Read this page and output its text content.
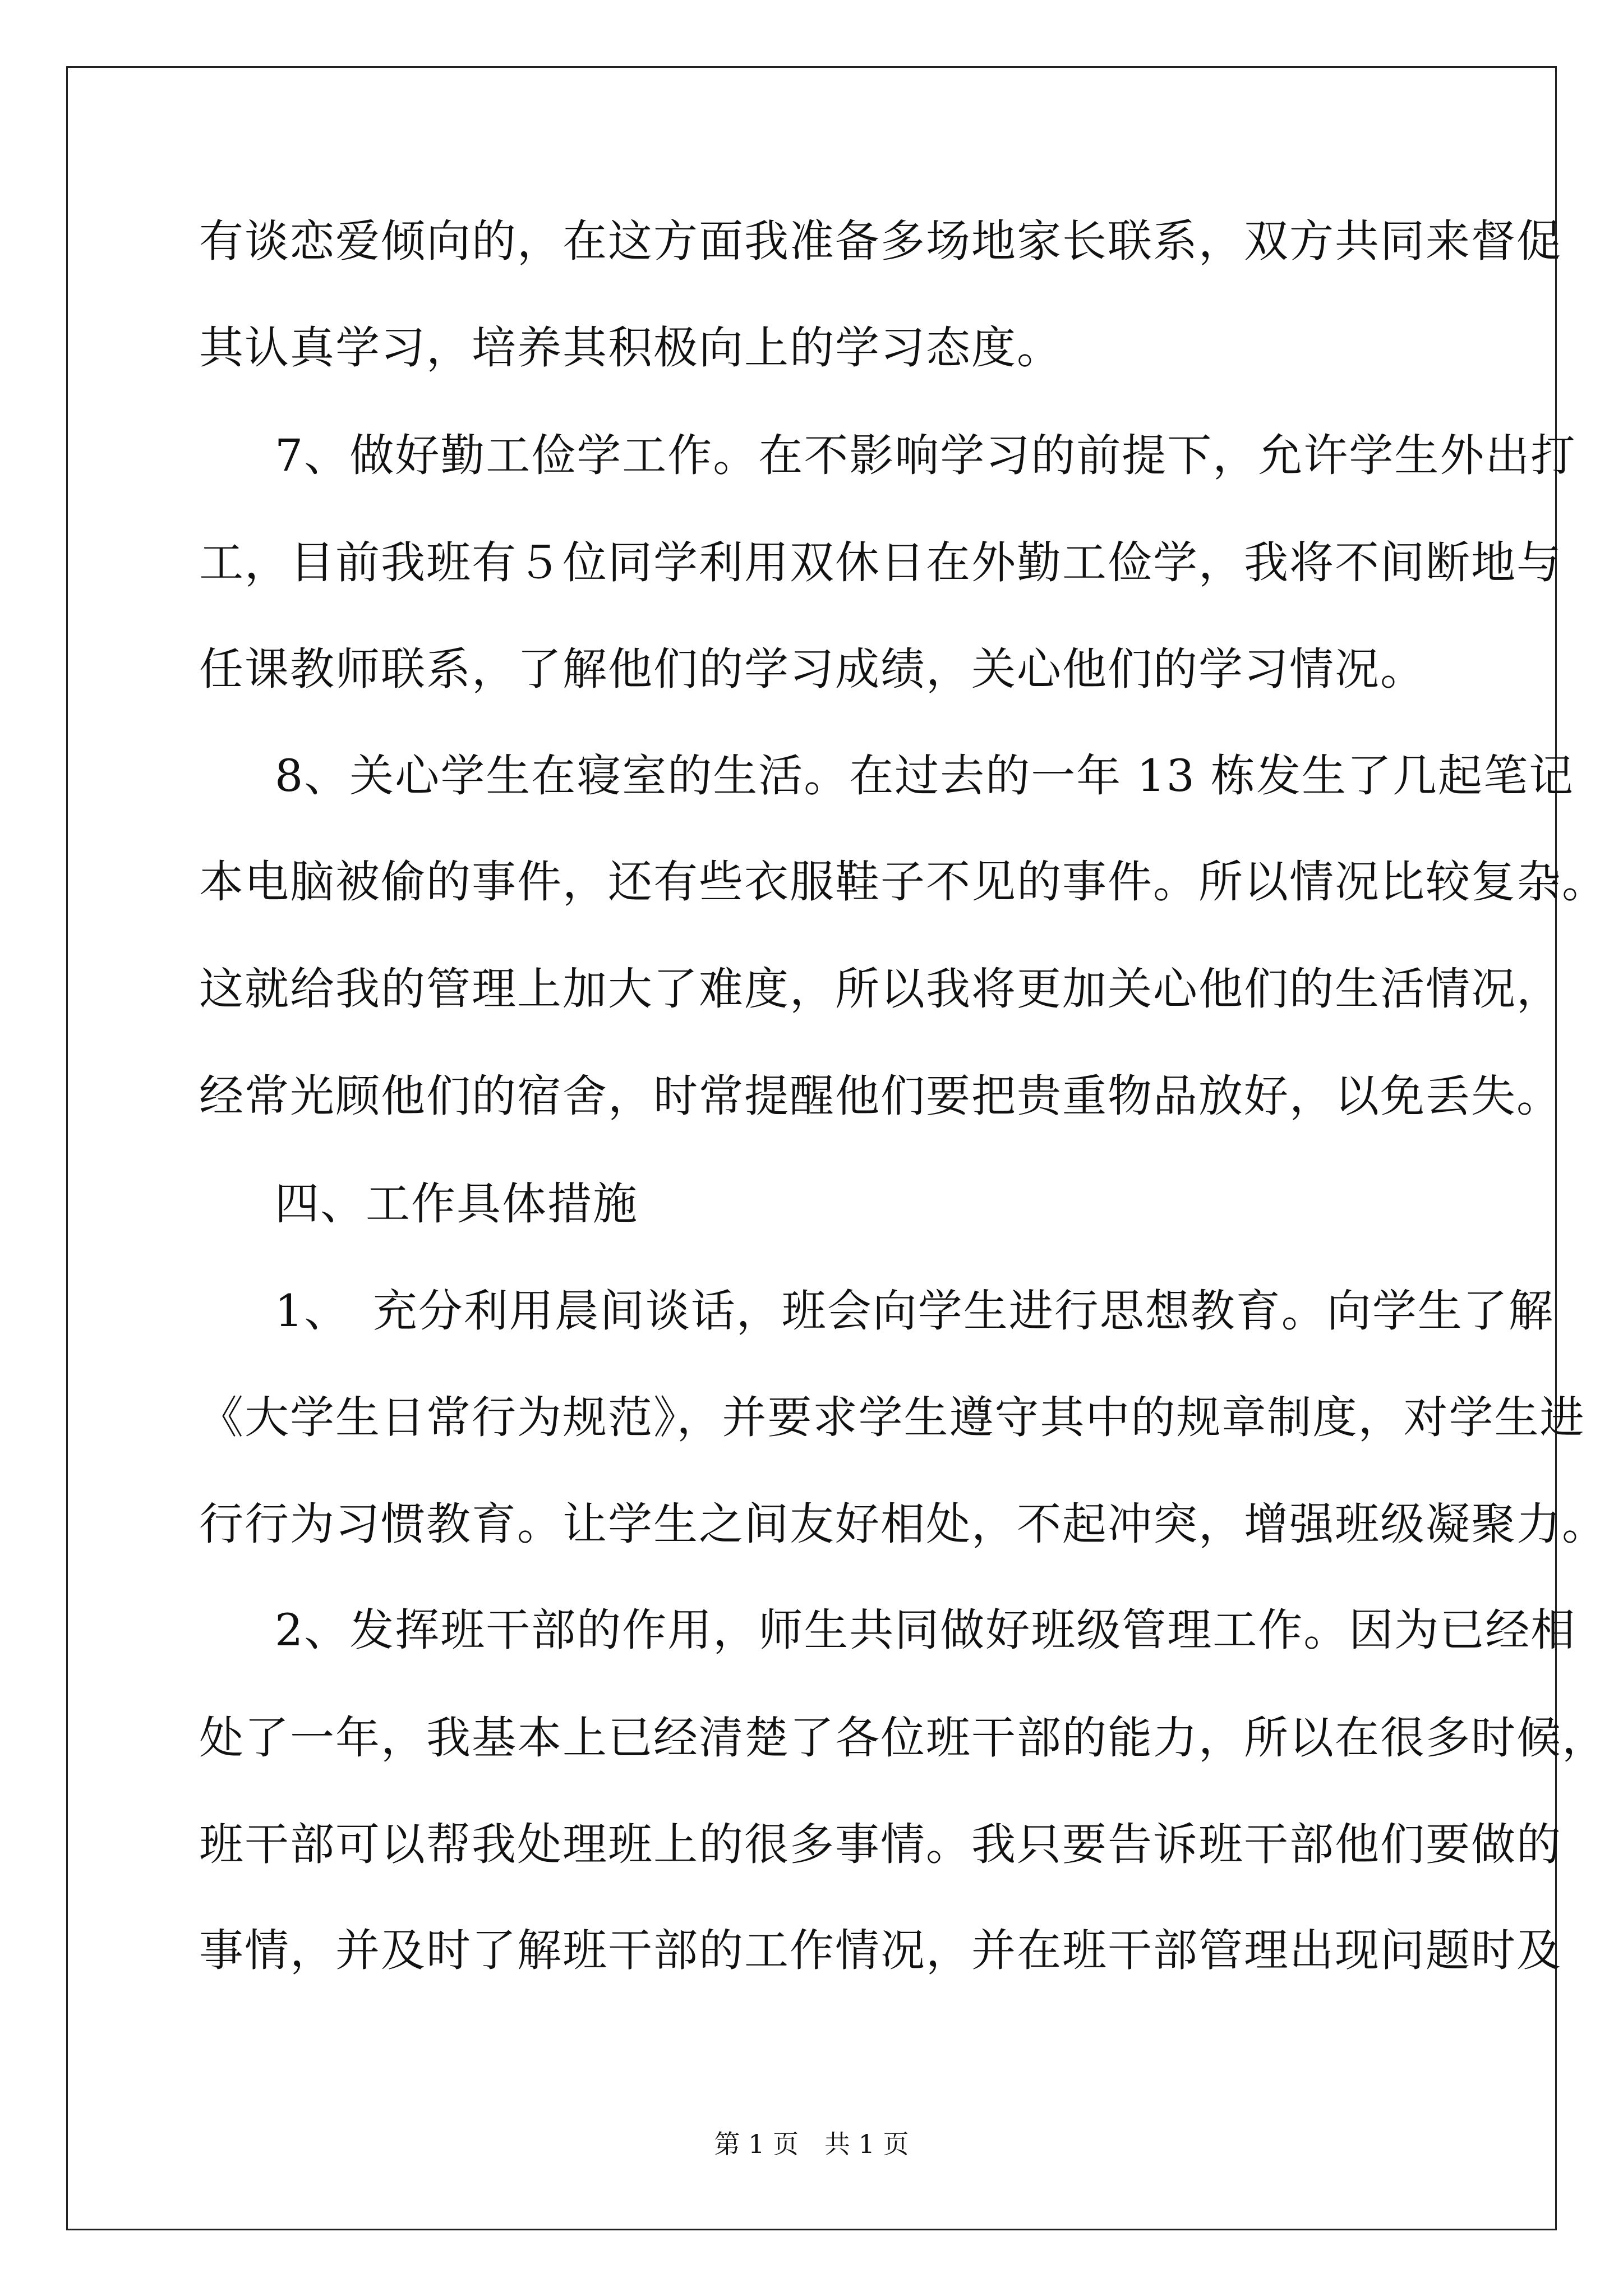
有谈恋爱倾向的，在这方面我准备多场地家长联系，双方共同来督促
其认真学习，培养其积极向上的学习态度。
7、做好勤工俭学工作。在不影响学习的前提下，允许学生外出打
工，目前我班有５位同学利用双休日在外勤工俭学，我将不间断地与
任课教师联系，了解他们的学习成绩，关心他们的学习情况。
8、关心学生在寝室的生活。在过去的一年 13 栋发生了几起笔记
本电脑被偷的事件，还有些衣服鞋子不见的事件。所以情况比较复杂。
这就给我的管理上加大了难度，所以我将更加关心他们的生活情况，
经常光顾他们的宿舍，时常提醒他们要把贵重物品放好，以免丢失。
四、工作具体措施
1、　充分利用晨间谈话，班会向学生进行思想教育。向学生了解
《大学生日常行为规范》，并要求学生遵守其中的规章制度，对学生进
行行为习惯教育。让学生之间友好相处，不起冲突，增强班级凝聚力。
2、发挥班干部的作用，师生共同做好班级管理工作。因为已经相
处了一年，我基本上已经清楚了各位班干部的能力，所以在很多时候，
班干部可以帮我处理班上的很多事情。我只要告诉班干部他们要做的
事情，并及时了解班干部的工作情况，并在班干部管理出现问题时及
第 1 页　共 1 页
